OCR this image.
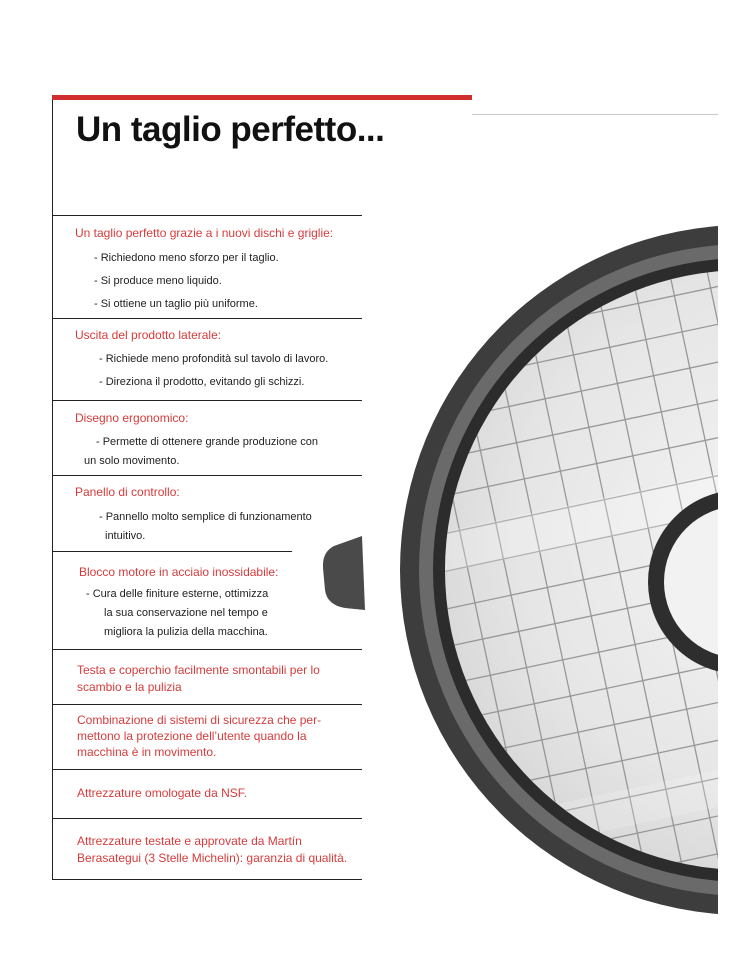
Un taglio perfetto...

Un taglio perfetto grazie a i nuovi dischi e griglie:

- Richiedono meno sforzo per il taglio.
- Si produce meno liquido.
- Si ottiene un taglio più uniforme.

Uscita del prodotto laterale:

- Richiede meno profondità sul tavolo di lavoro.
- Direziona il prodotto, evitando gli schizzi.

Disegno ergonomico:

- Permette di ottenere grande produzione con
un solo movimento.

Panello di controllo:

- Pannello molto semplice di funzionamento
intuitivo.

Blocco motore in acciaio inossidabile:

- Cura delle finiture esterne, ottimizza
la sua conservazione nel tempo e
migliora la pulizia della macchina.
Testa e coperchio facilmente smontabili per lo
scambio e la pulizia
Combinazione di sistemi di sicurezza che per-
mettono la protezione dell’utente quando la
macchina è in movimento.
Attrezzature omologate da NSF.
Attrezzature testate e approvate da Martín
Berasategui (3 Stelle Michelin): garanzia di qualità.
